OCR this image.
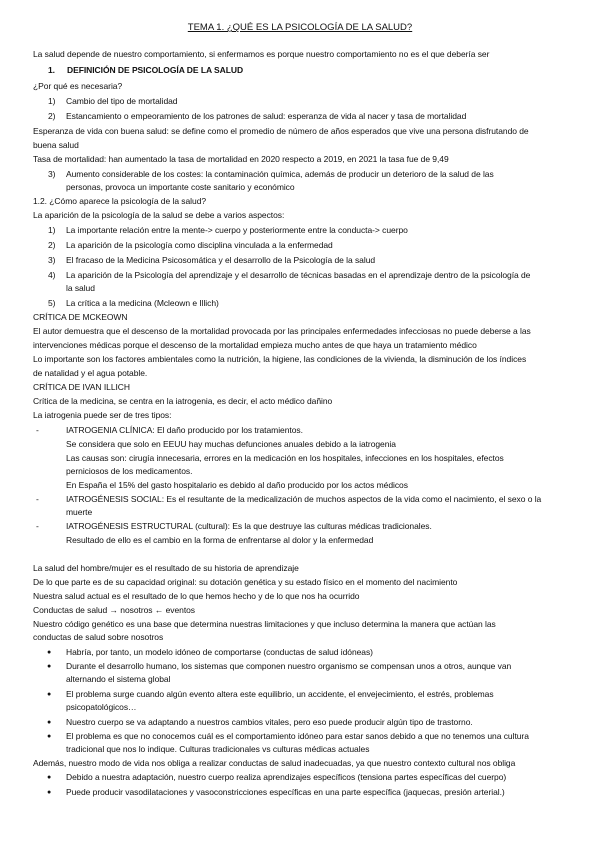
TEMA 1. ¿QUÉ ES LA PSICOLOGÍA DE LA SALUD?
La salud depende de nuestro comportamiento, si enfermamos es porque nuestro comportamiento no es el que debería ser
1. DEFINICIÓN DE PSICOLOGÍA DE LA SALUD
¿Por qué es necesaria?
1) Cambio del tipo de mortalidad
2) Estancamiento o empeoramiento de los patrones de salud: esperanza de vida al nacer y tasa de mortalidad
Esperanza de vida con buena salud: se define como el promedio de número de años esperados que vive una persona disfrutando de
buena salud
Tasa de mortalidad: han aumentado la tasa de mortalidad en 2020 respecto a 2019, en 2021 la tasa fue de 9,49
3) Aumento considerable de los costes: la contaminación química, además de producir un deterioro de la salud de las
personas, provoca un importante coste sanitario y económico
1.2. ¿Cómo aparece la psicología de la salud?
La aparición de la psicología de la salud se debe a varios aspectos:
1) La importante relación entre la mente-> cuerpo y posteriormente entre la conducta-> cuerpo
2) La aparición de la psicología como disciplina vinculada a la enfermedad
3) El fracaso de la Medicina Psicosomática y el desarrollo de la Psicología de la salud
4) La aparición de la Psicología del aprendizaje y el desarrollo de técnicas basadas en el aprendizaje dentro de la psicología de
la salud
5) La crítica a la medicina (Mcleown e Illich)
CRÍTICA DE MCKEOWN
El autor demuestra que el descenso de la mortalidad provocada por las principales enfermedades infecciosas no puede deberse a las
intervenciones médicas porque el descenso de la mortalidad empieza mucho antes de que haya un tratamiento médico
Lo importante son los factores ambientales como la nutrición, la higiene, las condiciones de la vivienda, la disminución de los índices
de natalidad y el agua potable.
CRÍTICA DE IVAN ILLICH
Crítica de la medicina, se centra en la iatrogenia, es decir, el acto médico dañino
La iatrogenia puede ser de tres tipos:
-	IATROGENIA CLÍNICA: El daño producido por los tratamientos.
Se considera que solo en EEUU hay muchas defunciones anuales debido a la iatrogenia
Las causas son: cirugía innecesaria, errores en la medicación en los hospitales, infecciones en los hospitales, efectos
perniciosos de los medicamentos.
En España el 15% del gasto hospitalario es debido al daño producido por los actos médicos
-	IATROGÉNESIS SOCIAL: Es el resultante de la medicalización de muchos aspectos de la vida como el nacimiento, el sexo o la
muerte
-	IATROGÉNESIS ESTRUCTURAL (cultural): Es la que destruye las culturas médicas tradicionales.
Resultado de ello es el cambio en la forma de enfrentarse al dolor y la enfermedad
La salud del hombre/mujer es el resultado de su historia de aprendizaje
De lo que parte es de su capacidad original: su dotación genética y su estado físico en el momento del nacimiento
Nuestra salud actual es el resultado de lo que hemos hecho y de lo que nos ha ocurrido
Conductas de salud → nosotros ← eventos
Nuestro código genético es una base que determina nuestras limitaciones y que incluso determina la manera que actúan las
conductas de salud sobre nosotros
● Habría, por tanto, un modelo idóneo de comportarse (conductas de salud idóneas)
● Durante el desarrollo humano, los sistemas que componen nuestro organismo se compensan unos a otros, aunque van
alternando el sistema global
● El problema surge cuando algún evento altera este equilibrio, un accidente, el envejecimiento, el estrés, problemas
psicopatológicos…
● Nuestro cuerpo se va adaptando a nuestros cambios vitales, pero eso puede producir algún tipo de trastorno.
● El problema es que no conocemos cuál es el comportamiento idóneo para estar sanos debido a que no tenemos una cultura
tradicional que nos lo indique. Culturas tradicionales vs culturas médicas actuales
Además, nuestro modo de vida nos obliga a realizar conductas de salud inadecuadas, ya que nuestro contexto cultural nos obliga
● Debido a nuestra adaptación, nuestro cuerpo realiza aprendizajes específicos (tensiona partes específicas del cuerpo)
● Puede producir vasodilataciones y vasoconstricciones específicas en una parte específica (jaquecas, presión arterial.)
